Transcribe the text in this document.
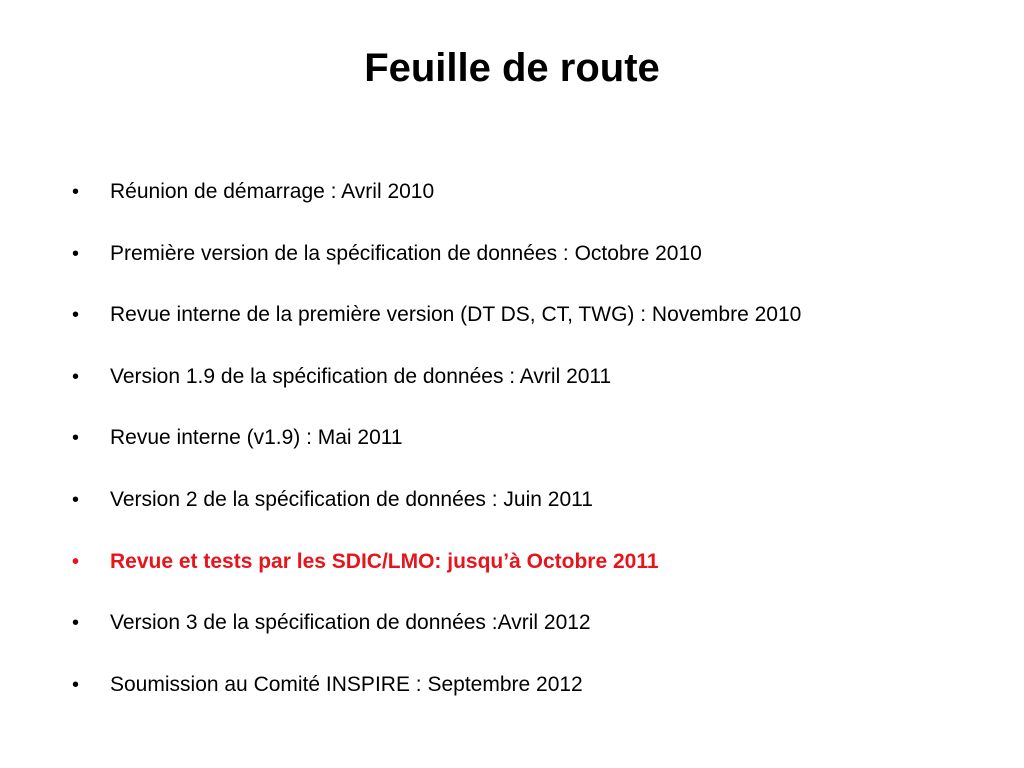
Feuille de route
•	Réunion de démarrage : Avril 2010
•	Première version de la spécification de données : Octobre 2010
•	Revue interne de la première version (DT DS, CT, TWG) : Novembre 2010
•	Version 1.9 de la spécification de données : Avril 2011
•	Revue interne (v1.9) : Mai 2011
•	Version 2 de la spécification de données : Juin 2011
•	Revue et tests par les SDIC/LMO: jusqu’à Octobre 2011
•	Version 3 de la spécification de données :Avril 2012
•	Soumission au Comité INSPIRE : Septembre 2012
